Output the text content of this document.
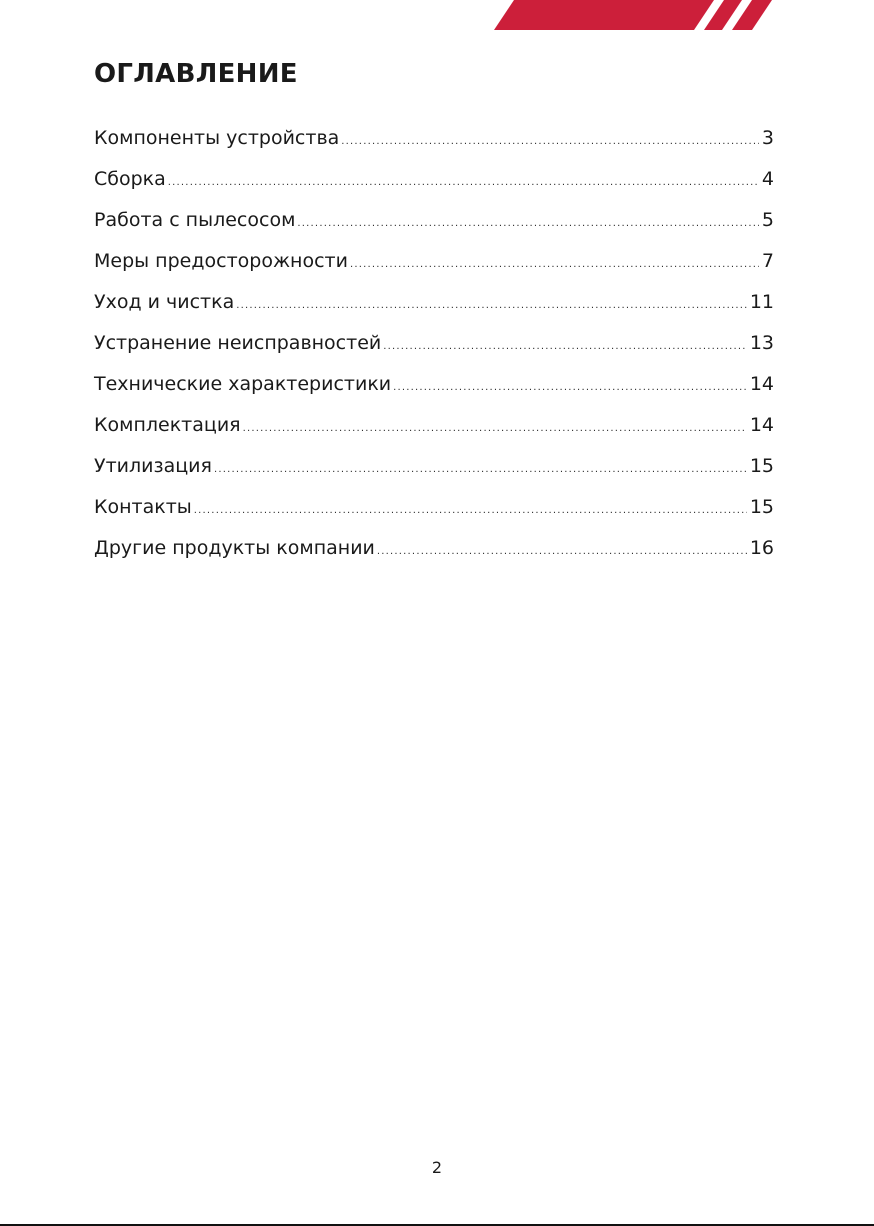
ОГЛАВЛЕНИЕ
Компоненты устройства .....	3
Сборка .....	4
Работа с пылесосом .....	5
Меры предосторожности .....	7
Уход и чистка .....	11
Устранение неисправностей .....	13
Технические характеристики .....	14
Комплектация .....	14
Утилизация .....	15
Контакты .....	15
Другие продукты компании .....	16
2
